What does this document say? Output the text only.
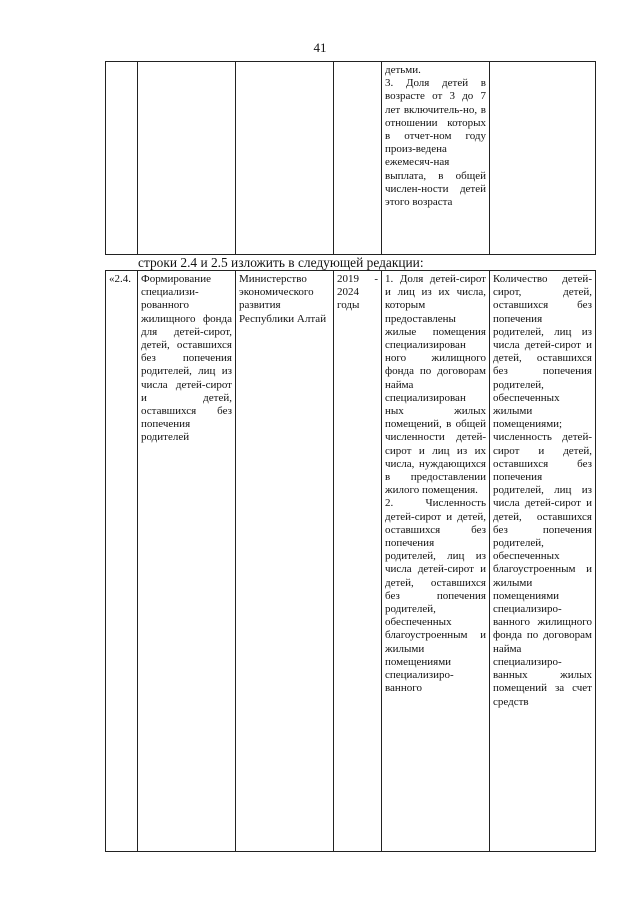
41
				детьми.
3. Доля детей в возрасте от 3 до 7 лет включитель-но, в отношении которых в отчет-ном году произ-ведена ежемесяч-ная выплата, в общей числен-ности детей этого возраста	
строки 2.4 и 2.5 изложить в следующей редакции:
«2.4.	Формирование специализи-рованного жилищного фонда для детей-сирот, детей, оставшихся без попечения родителей, лиц из числа детей-сирот и детей, оставшихся без попечения родителей	Министерство экономического развития Республики Алтай	2019 - 2024 годы	1. Доля детей-сирот и лиц из их числа, которым предоставлены жилые помещения специализирован ного жилищного фонда по договорам найма специализирован ных жилых помещений, в общей численности детей-сирот и лиц из их числа, нуждающихся в предоставлении жилого помещения.
2. Численность детей-сирот и детей, оставшихся без попечения родителей, лиц из числа детей-сирот и детей, оставшихся без попечения родителей, обеспеченных благоустроенным и жилыми помещениями специализиро-ванного	Количество детей-сирот, детей, оставшихся без попечения родителей, лиц из числа детей-сирот и детей, оставшихся без попечения родителей, обеспеченных жилыми помещениями; численность детей-сирот и детей, оставшихся без попечения родителей, лиц из числа детей-сирот и детей, оставшихся без попечения родителей, обеспеченных благоустроенным и жилыми помещениями специализиро-ванного жилищного фонда по договорам найма специализиро-ванных жилых помещений за счет средств
